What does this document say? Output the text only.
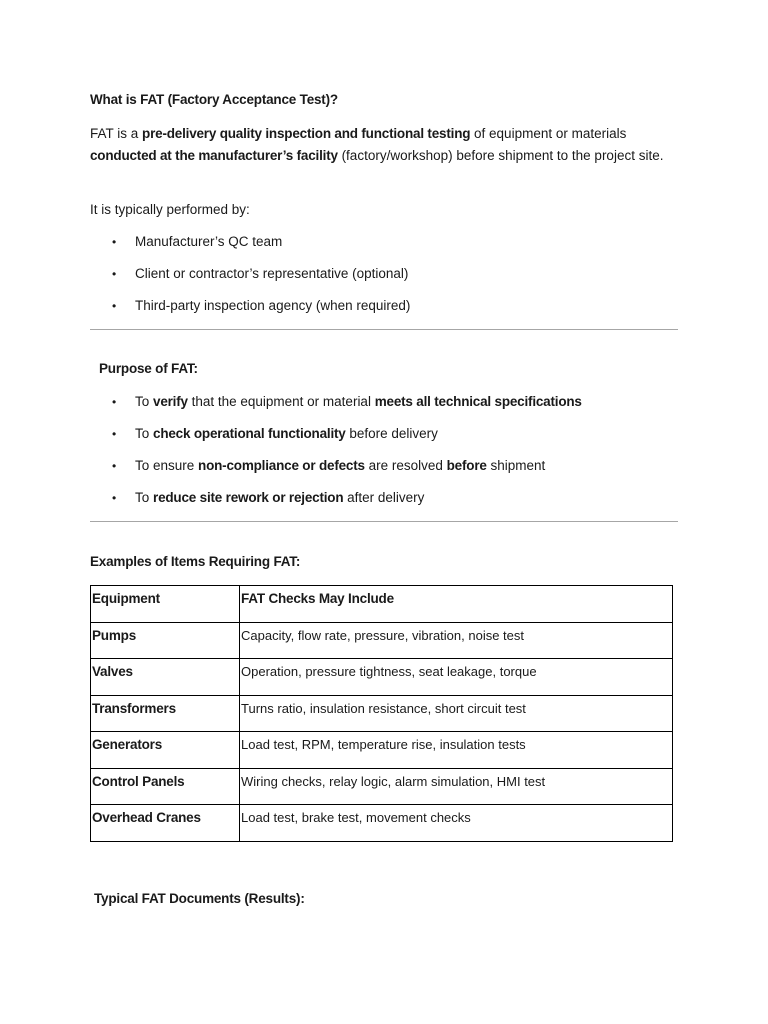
What is FAT (Factory Acceptance Test)?
FAT is a pre-delivery quality inspection and functional testing of equipment or materials conducted at the manufacturer’s facility (factory/workshop) before shipment to the project site.
It is typically performed by:
• Manufacturer’s QC team
• Client or contractor’s representative (optional)
• Third-party inspection agency (when required)
Purpose of FAT:
• To verify that the equipment or material meets all technical specifications
• To check operational functionality before delivery
• To ensure non-compliance or defects are resolved before shipment
• To reduce site rework or rejection after delivery
Examples of Items Requiring FAT:
Equipment	FAT Checks May Include
Pumps	Capacity, flow rate, pressure, vibration, noise test
Valves	Operation, pressure tightness, seat leakage, torque
Transformers	Turns ratio, insulation resistance, short circuit test
Generators	Load test, RPM, temperature rise, insulation tests
Control Panels	Wiring checks, relay logic, alarm simulation, HMI test
Overhead Cranes	Load test, brake test, movement checks
Typical FAT Documents (Results):
